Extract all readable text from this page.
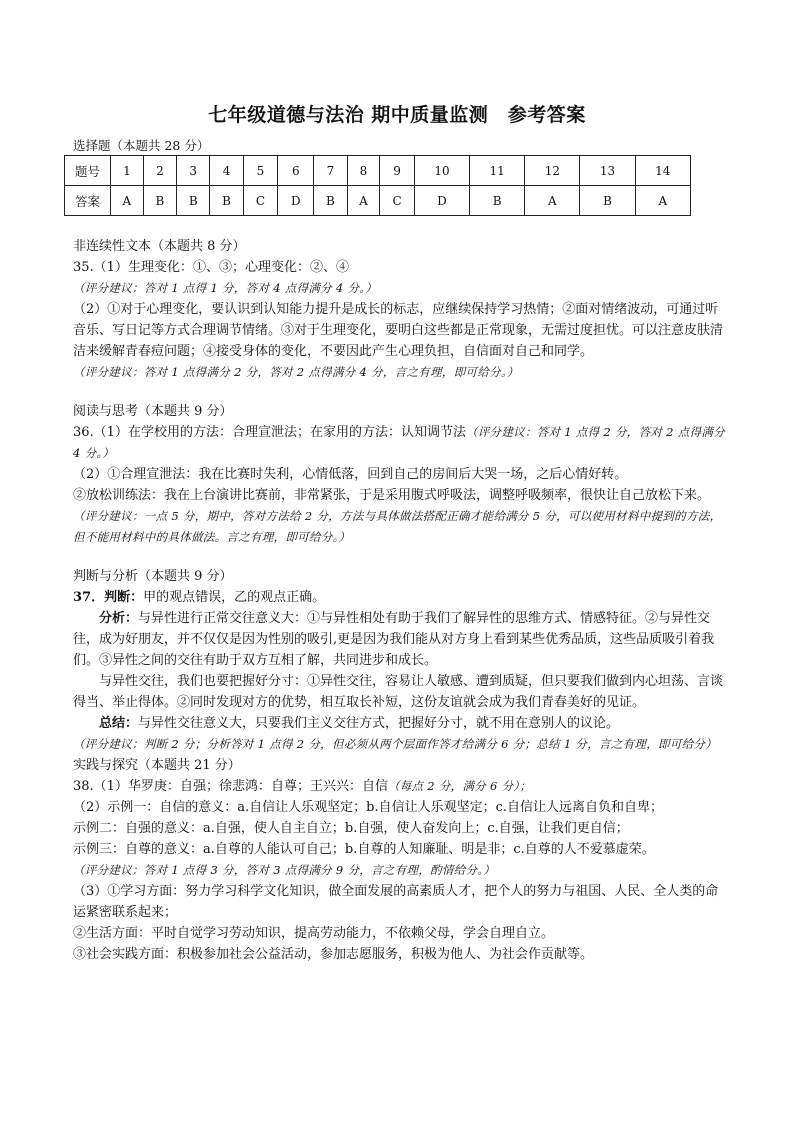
七年级道德与法治 期中质量监测　参考答案
选择题（本题共 28 分）
题号	1	2	3	4	5	6	7	8	9	10	11	12	13	14
答案	A	B	B	B	C	D	B	A	C	D	B	A	B	A

非连续性文本（本题共 8 分）

35.（1）生理变化：①、③；心理变化：②、④

（评分建议：答对 1 点得 1 分，答对 4 点得满分 4 分。）

（2）①对于心理变化，要认识到认知能力提升是成长的标志，应继续保持学习热情；②面对情绪波动，可通过听音乐、写日记等方式合理调节情绪。③对于生理变化，要明白这些都是正常现象，无需过度担忧。可以注意皮肤清洁来缓解青春痘问题；④接受身体的变化，不要因此产生心理负担，自信面对自己和同学。

（评分建议：答对 1 点得满分 2 分，答对 2 点得满分 4 分，言之有理，即可给分。）

阅读与思考（本题共 9 分）

36.（1）在学校用的方法：合理宣泄法；在家用的方法：认知调节法（评分建议：答对 1 点得 2 分，答对 2 点得满分 4 分。）

（2）①合理宣泄法：我在比赛时失利，心情低落，回到自己的房间后大哭一场，之后心情好转。

②放松训练法：我在上台演讲比赛前，非常紧张，于是采用腹式呼吸法，调整呼吸频率，很快让自己放松下来。

（评分建议：一点 5 分，期中，答对方法给 2 分，方法与具体做法搭配正确才能给满分 5 分，可以使用材料中提到的方法，但不能用材料中的具体做法。言之有理，即可给分。）

判断与分析（本题共 9 分）

37．判断：甲的观点错误，乙的观点正确。

分析：与异性进行正常交往意义大：①与异性相处有助于我们了解异性的思维方式、情感特征。②与异性交往，成为好朋友，并不仅仅是因为性别的吸引,更是因为我们能从对方身上看到某些优秀品质，这些品质吸引着我们。③异性之间的交往有助于双方互相了解，共同进步和成长。

与异性交往，我们也要把握好分寸：①异性交往，容易让人敏感、遭到质疑，但只要我们做到内心坦荡、言谈得当、举止得体。②同时发现对方的优势，相互取长补短，这份友谊就会成为我们青春美好的见证。

总结：与异性交往意义大，只要我们主义交往方式，把握好分寸，就不用在意别人的议论。

（评分建议：判断 2 分；分析答对 1 点得 2 分，但必须从两个层面作答才给满分 6 分；总结 1 分，言之有理，即可给分）

实践与探究（本题共 21 分）

38.（1）华罗庚：自强；徐悲鸿：自尊；王兴兴：自信（每点 2 分，满分 6 分）；

（2）示例一：自信的意义：a.自信让人乐观坚定；b.自信让人乐观坚定；c.自信让人远离自负和自卑；

示例二：自强的意义：a.自强，使人自主自立；b.自强，使人奋发向上；c.自强，让我们更自信；

示例三：自尊的意义：a.自尊的人能认可自己；b.自尊的人知廉耻、明是非；c.自尊的人不爱慕虚荣。

（评分建议：答对 1 点得 3 分，答对 3 点得满分 9 分，言之有理，酌情给分。）

（3）①学习方面：努力学习科学文化知识，做全面发展的高素质人才，把个人的努力与祖国、人民、全人类的命运紧密联系起来；

②生活方面：平时自觉学习劳动知识，提高劳动能力，不依赖父母，学会自理自立。

③社会实践方面：积极参加社会公益活动，参加志愿服务，积极为他人、为社会作贡献等。
